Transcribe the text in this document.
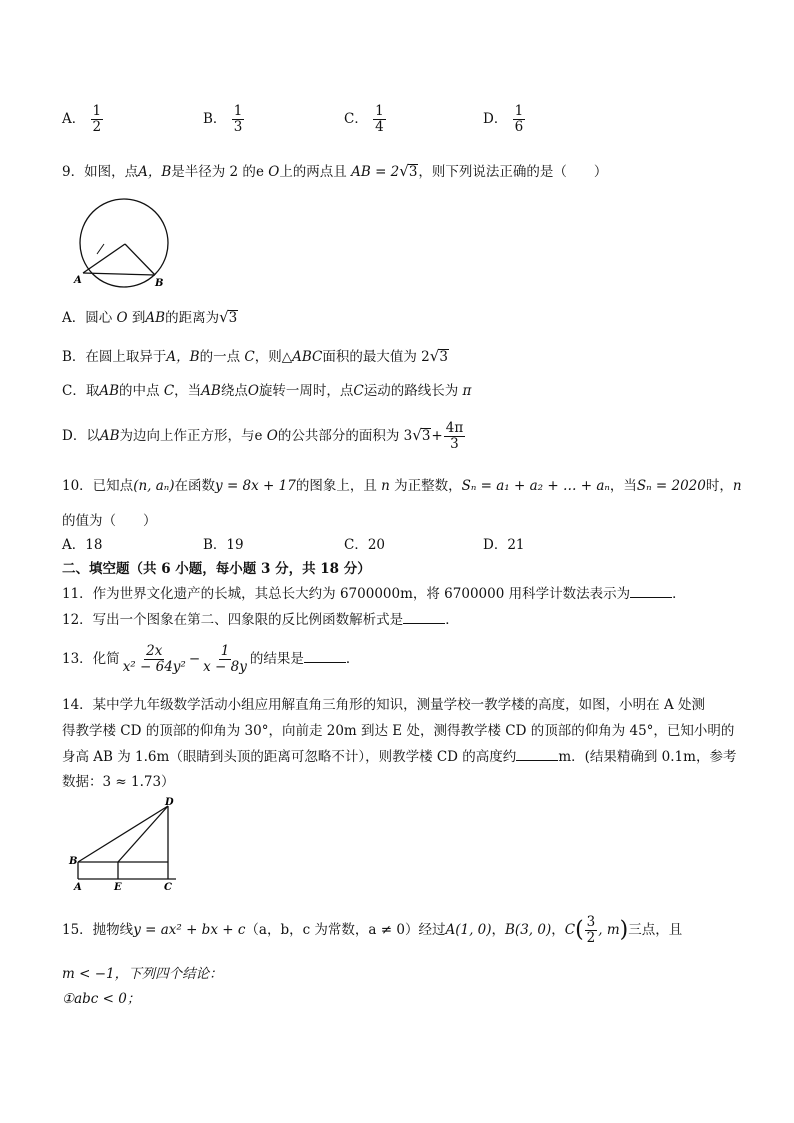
A． $\frac{1}{2}$	B． $\frac{1}{3}$	C． $\frac{1}{4}$	D． $\frac{1}{6}$
9．如图，点A，B是半径为 2 的e O上的两点且 AB = 2√3，则下列说法正确的是（　　）
A	B
A．圆心 O 到AB的距离为√3
B．在圆上取异于A，B的一点 C，则△ABC面积的最大值为 2√3
C．取AB的中点 C，当AB绕点O旋转一周时，点C运动的路线长为 π
D．以AB为边向上作正方形，与e O的公共部分的面积为 $3√3+ \frac{4\pi}{3}$
10．已知点(n, aₙ)在函数y = 8x + 17的图象上，且 n 为正整数，Sₙ = a₁ + a₂ + … + aₙ，当Sₙ = 2020时，n
的值为（　　）
A．18	B．19	C．20	D．21
二、填空题（共 6 小题，每小题 3 分，共 18 分）
11．作为世界文化遗产的长城，其总长大约为 6700000m，将 6700000 用科学计数法表示为	．
12．写出一个图象在第二、四象限的反比例函数解析式是	．
13．化简 $\frac{2x}{\text{x² − 64y²}} - \frac{1}{x - 8y}$ 的结果是	．
14．某中学九年级数学活动小组应用解直角三角形的知识，测量学校一教学楼的高度，如图，小明在 A 处测
得教学楼 CD 的顶部的仰角为 30°，向前走 20m 到达 E 处，测得教学楼 CD 的顶部的仰角为 45°，已知小明的
身高 AB 为 1.6m（眼睛到头顶的距离可忽略不计），则教学楼 CD 的高度约	m．(结果精确到 0.1m，参考
数据：3 ≈ 1.73）
D
B
A	E	C
15．抛物线y = ax² + bx + c（a，b，c 为常数，a ≠ 0）经过A(1, 0)，B(3, 0)，$C( \frac{3}{2}$ , m)三点，且
m < −1，下列四个结论：
①abc < 0；
